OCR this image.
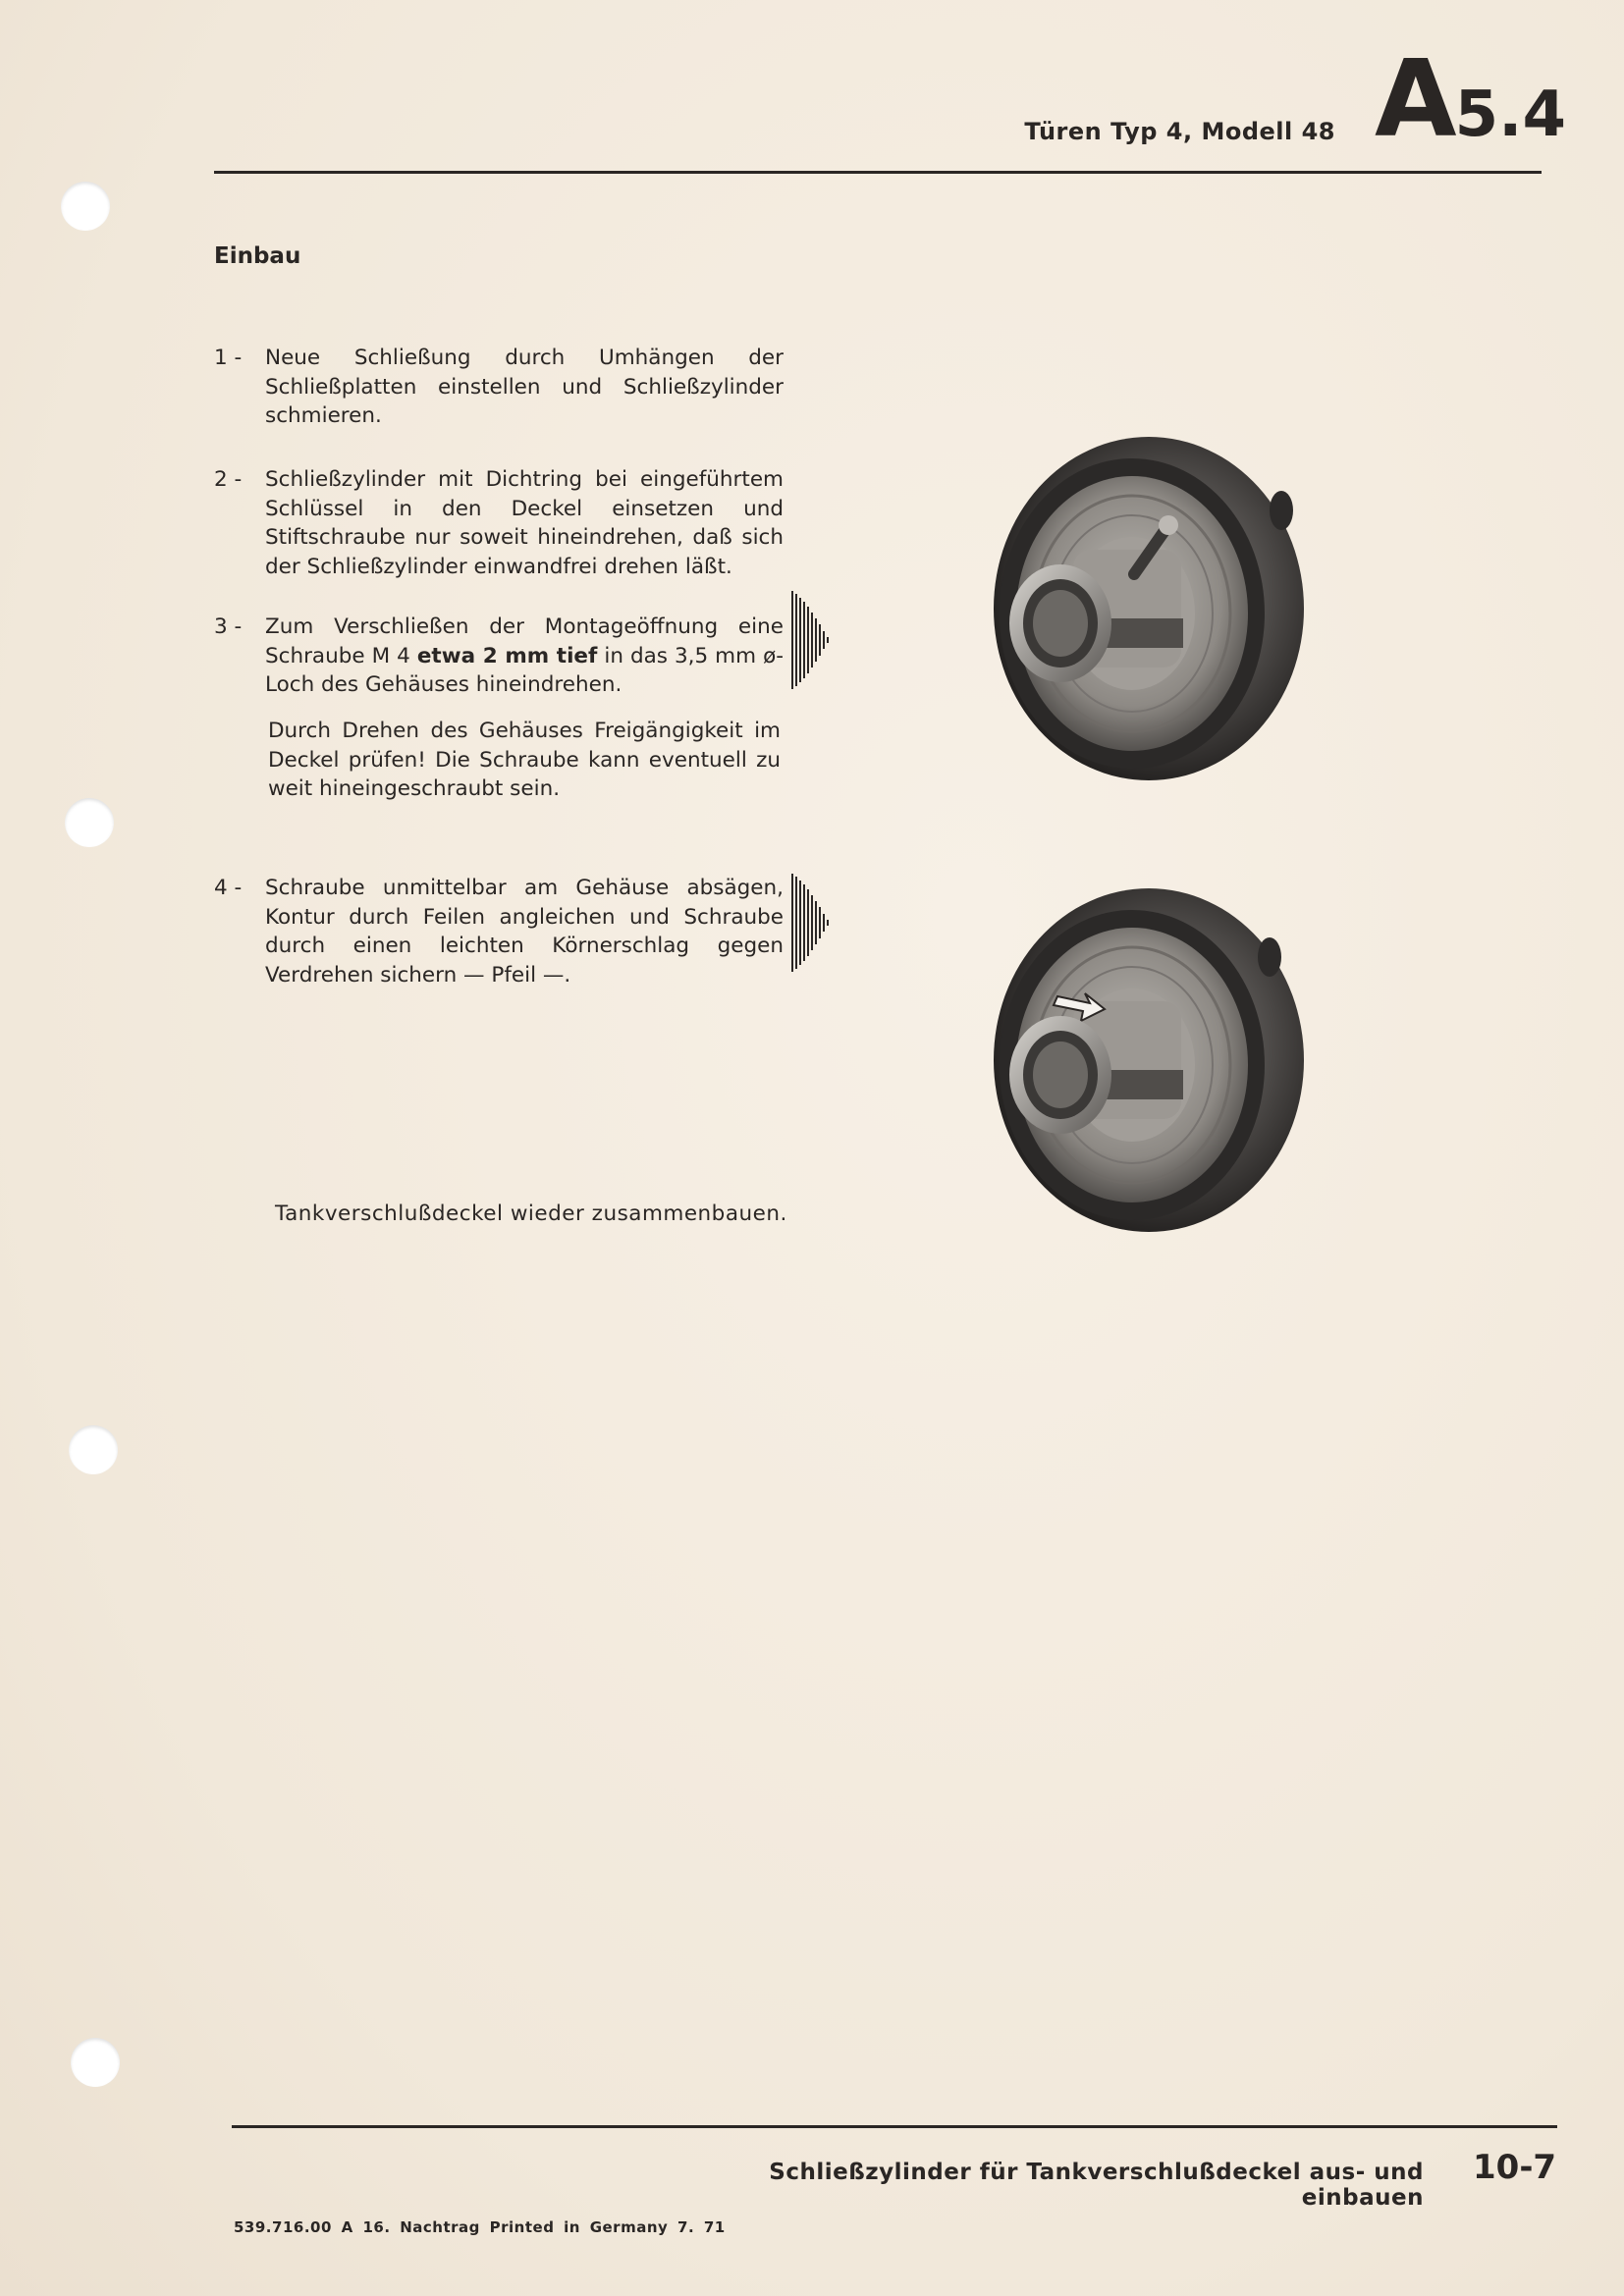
Türen Typ 4, Modell 48 A5.4
Einbau
1 -	Neue Schließung durch Umhängen der Schließplatten einstellen und Schließzylinder schmieren.
2 -	Schließzylinder mit Dichtring bei eingeführtem Schlüssel in den Deckel einsetzen und Stiftschraube nur soweit hineindrehen, daß sich der Schließzylinder einwandfrei drehen läßt.
3 -	Zum Verschließen der Montageöffnung eine Schraube M 4 etwa 2 mm tief in das 3,5 mm ø-Loch des Gehäuses hineindrehen.
Durch Drehen des Gehäuses Freigängigkeit im Deckel prüfen! Die Schraube kann eventuell zu weit hineingeschraubt sein.
4 -	Schraube unmittelbar am Gehäuse absägen, Kontur durch Feilen angleichen und Schraube durch einen leichten Körnerschlag gegen Verdrehen sichern — Pfeil —.
Tankverschlußdeckel wieder zusammenbauen.
Schließzylinder für Tankverschlußdeckel aus- und einbauen
10-7
539.716.00 A 16. Nachtrag Printed in Germany 7. 71
